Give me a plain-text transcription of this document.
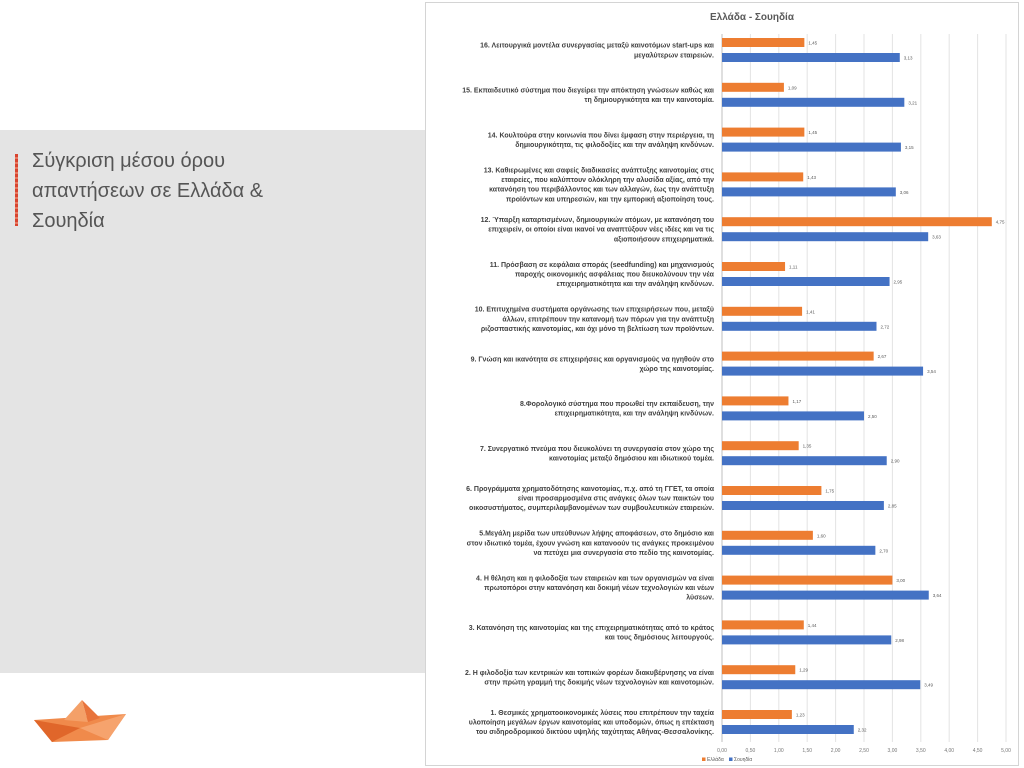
Σύγκριση μέσου όρου απαντήσεων σε Ελλάδα & Σουηδία
Ελλάδα - Σουηδία
16. Λειτουργικά μοντέλα συνεργασίας μεταξύ καινοτόμων start-ups και
μεγαλύτερων εταιρειών.
1,45
3,13
15. Εκπαιδευτικό σύστημα που διεγείρει την απόκτηση γνώσεων καθώς και
τη δημιουργικότητα και την καινοτομία.
1,09
3,21
14. Κουλτούρα στην κοινωνία που δίνει έμφαση στην περιέργεια, τη
δημιουργικότητα, τις φιλοδοξίες και την ανάληψη κινδύνων.
1,45
3,15
13. Καθιερωμένες και σαφείς διαδικασίες ανάπτυξης καινοτομίας στις
εταιρείες, που καλύπτουν ολόκληρη την αλυσίδα αξίας, από την
κατανόηση του περιβάλλοντος και των αλλαγών, έως την ανάπτυξη
προϊόντων και υπηρεσιών, και την εμπορική αξιοποίηση τους.
1,43
3,06
12. Ύπαρξη καταρτισμένων, δημιουργικών ατόμων, με κατανόηση του
επιχειρείν, οι οποίοι είναι ικανοί να αναπτύξουν νέες ιδέες και να τις
αξιοποιήσουν επιχειρηματικά.
4,75
3,63
11. Πρόσβαση σε κεφάλαια σποράς (seedfunding) και μηχανισμούς
παροχής οικονομικής ασφάλειας που διευκολύνουν την νέα
επιχειρηματικότητα και την ανάληψη κινδύνων.
1,11
2,95
10. Επιτυχημένα συστήματα οργάνωσης των επιχειρήσεων που, μεταξύ
άλλων, επιτρέπουν την κατανομή των πόρων για την ανάπτυξη
ριζοσπαστικής καινοτομίας, και όχι μόνο τη βελτίωση των προϊόντων.
1,41
2,72
9. Γνώση και ικανότητα σε επιχειρήσεις και οργανισμούς να ηγηθούν στο
χώρο της καινοτομίας.
2,67
3,54
8.Φορολογικό σύστημα που προωθεί την εκπαίδευση, την
επιχειρηματικότητα, και την ανάληψη κινδύνων.
1,17
2,50
7. Συνεργατικό πνεύμα που διευκολύνει τη συνεργασία στον χώρο της
καινοτομίας μεταξύ δημόσιου και ιδιωτικού τομέα.
1,35
2,90
6. Προγράμματα χρηματοδότησης καινοτομίας, π.χ. από τη ΓΓΕΤ, τα οποία
είναι προσαρμοσμένα στις ανάγκες όλων των παικτών του
οικοσυστήματος, συμπεριλαμβανομένων των συμβουλευτικών εταιρειών.
1,75
2,85
5.Μεγάλη μερίδα των υπεύθυνων λήψης αποφάσεων, στο δημόσιο και
στον ιδιωτικό τομέα, έχουν γνώση και κατανοούν τις ανάγκες προκειμένου
να πετύχει μια συνεργασία στο πεδίο της καινοτομίας.
1,60
2,70
4. Η θέληση και η φιλοδοξία των εταιρειών και των οργανισμών να είναι
πρωτοπόροι στην κατανόηση και δοκιμή νέων τεχνολογιών και νέων
λύσεων.
3,00
3,64
3. Κατανόηση της καινοτομίας και της επιχειρηματικότητας από το κράτος
και τους δημόσιους λειτουργούς.
1,44
2,98
2. Η φιλοδοξία των κεντρικών και τοπικών φορέων διακυβέρνησης να είναι
στην πρώτη γραμμή της δοκιμής νέων τεχνολογιών και καινοτομιών.
1,29
3,49
1. Θεσμικές χρηματοοικονομικές λύσεις που επιτρέπουν την ταχεία
υλοποίηση μεγάλων έργων καινοτομίας και υποδομών, όπως η επέκταση
του σιδηροδρομικού δικτύου υψηλής ταχύτητας Αθήνας-Θεσσαλονίκης.
1,23
2,32
0,00	0,50	1,00	1,50	2,00	2,50	3,00	3,50	4,00	4,50	5,00
Ελλάδα Σουηδία
